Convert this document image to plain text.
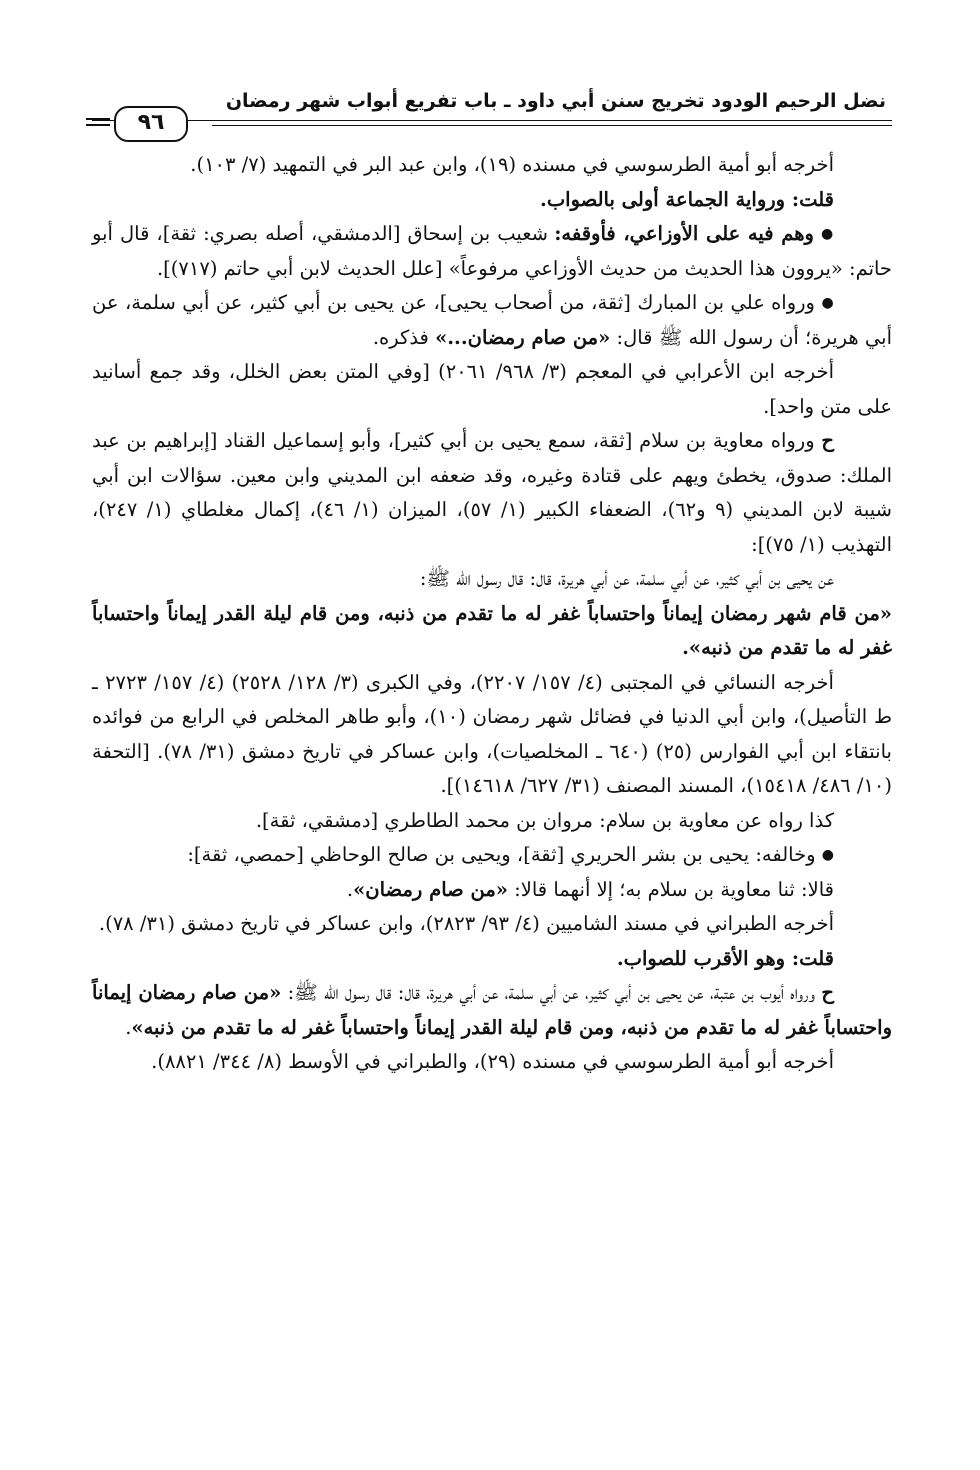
نضل الرحيم الودود تخريج سنن أبي داود ـ باب تفريع أبواب شهر رمضان
٩٦

أخرجه أبو أمية الطرسوسي في مسنده (١٩)، وابن عبد البر في التمهيد (٧/ ١٠٣).

قلت: ورواية الجماعة أولى بالصواب.

● وهم فيه على الأوزاعي، فأوقفه: شعيب بن إسحاق [الدمشقي، أصله بصري: ثقة]، قال أبو حاتم: «يروون هذا الحديث من حديث الأوزاعي مرفوعاً» [علل الحديث لابن أبي حاتم (٧١٧)].

● ورواه علي بن المبارك [ثقة، من أصحاب يحيى]، عن يحيى بن أبي كثير، عن أبي سلمة، عن أبي هريرة؛ أن رسول الله ﷺ قال: «من صام رمضان...» فذكره.

أخرجه ابن الأعرابي في المعجم (٣/ ٩٦٨/ ٢٠٦١) [وفي المتن بعض الخلل، وقد جمع أسانيد على متن واحد].

ح ورواه معاوية بن سلام [ثقة، سمع يحيى بن أبي كثير]، وأبو إسماعيل القناد [إبراهيم بن عبد الملك: صدوق، يخطئ ويهم على قتادة وغيره، وقد ضعفه ابن المديني وابن معين. سؤالات ابن أبي شيبة لابن المديني (٩ و٦٢)، الضعفاء الكبير (١/ ٥٧)، الميزان (١/ ٤٦)، إكمال مغلطاي (١/ ٢٤٧)، التهذيب (١/ ٧٥)]:

عن يحيى بن أبي كثير، عن أبي سلمة، عن أبي هريرة، قال: قال رسول الله ﷺ:

«من قام شهر رمضان إيماناً واحتساباً غفر له ما تقدم من ذنبه، ومن قام ليلة القدر إيماناً واحتساباً غفر له ما تقدم من ذنبه».

أخرجه النسائي في المجتبى (٤/ ١٥٧/ ٢٢٠٧)، وفي الكبرى (٣/ ١٢٨/ ٢٥٢٨) (٤/ ١٥٧/ ٢٧٢٣ ـ ط التأصيل)، وابن أبي الدنيا في فضائل شهر رمضان (١٠)، وأبو طاهر المخلص في الرابع من فوائده بانتقاء ابن أبي الفوارس (٢٥) (٦٤٠ ـ المخلصيات)، وابن عساكر في تاريخ دمشق (٣١/ ٧٨). [التحفة (١٠/ ٤٨٦/ ١٥٤١٨)، المسند المصنف (٣١/ ٦٢٧/ ١٤٦١٨)].

كذا رواه عن معاوية بن سلام: مروان بن محمد الطاطري [دمشقي، ثقة].

● وخالفه: يحيى بن بشر الحريري [ثقة]، ويحيى بن صالح الوحاظي [حمصي، ثقة]:

قالا: ثنا معاوية بن سلام به؛ إلا أنهما قالا: «من صام رمضان».

أخرجه الطبراني في مسند الشاميين (٤/ ٩٣/ ٢٨٢٣)، وابن عساكر في تاريخ دمشق (٣١/ ٧٨).

قلت: وهو الأقرب للصواب.

ح ورواه أيوب بن عتبة، عن يحيى بن أبي كثير، عن أبي سلمة، عن أبي هريرة، قال: قال رسول الله ﷺ: «من صام رمضان إيماناً واحتساباً غفر له ما تقدم من ذنبه، ومن قام ليلة القدر إيماناً واحتساباً غفر له ما تقدم من ذنبه».

أخرجه أبو أمية الطرسوسي في مسنده (٢٩)، والطبراني في الأوسط (٨/ ٣٤٤/ ٨٨٢١).
